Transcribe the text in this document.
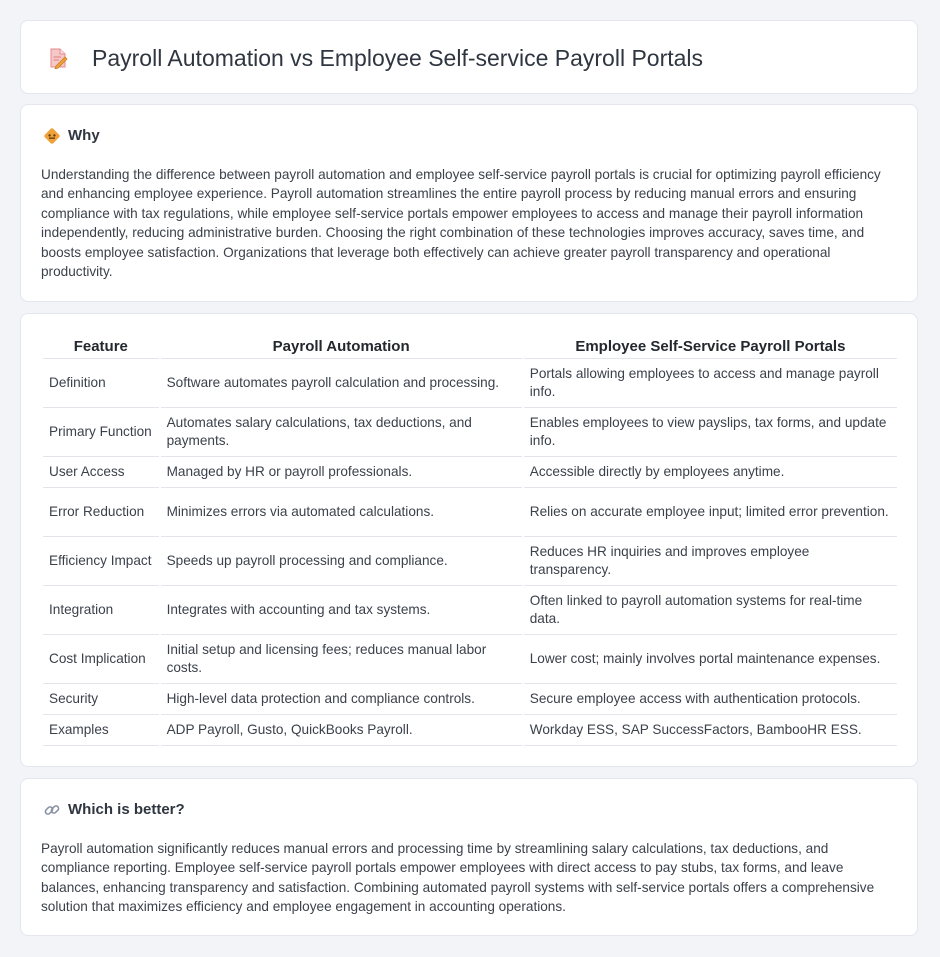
Payroll Automation vs Employee Self-service Payroll Portals
Why

Understanding the difference between payroll automation and employee self-service payroll portals is crucial for optimizing payroll efficiency and enhancing employee experience. Payroll automation streamlines the entire payroll process by reducing manual errors and ensuring compliance with tax regulations, while employee self-service portals empower employees to access and manage their payroll information independently, reducing administrative burden. Choosing the right combination of these technologies improves accuracy, saves time, and boosts employee satisfaction. Organizations that leverage both effectively can achieve greater payroll transparency and operational productivity.

Feature	Payroll Automation	Employee Self-Service Payroll Portals
Definition	Software automates payroll calculation and processing.	Portals allowing employees to access and manage payroll info.
Primary Function	Automates salary calculations, tax deductions, and payments.	Enables employees to view payslips, tax forms, and update info.
User Access	Managed by HR or payroll professionals.	Accessible directly by employees anytime.
Error Reduction	Minimizes errors via automated calculations.	Relies on accurate employee input; limited error prevention.
Efficiency Impact	Speeds up payroll processing and compliance.	Reduces HR inquiries and improves employee transparency.
Integration	Integrates with accounting and tax systems.	Often linked to payroll automation systems for real-time data.
Cost Implication	Initial setup and licensing fees; reduces manual labor costs.	Lower cost; mainly involves portal maintenance expenses.
Security	High-level data protection and compliance controls.	Secure employee access with authentication protocols.
Examples	ADP Payroll, Gusto, QuickBooks Payroll.	Workday ESS, SAP SuccessFactors, BambooHR ESS.
Which is better?

Payroll automation significantly reduces manual errors and processing time by streamlining salary calculations, tax deductions, and compliance reporting. Employee self-service payroll portals empower employees with direct access to pay stubs, tax forms, and leave balances, enhancing transparency and satisfaction. Combining automated payroll systems with self-service portals offers a comprehensive solution that maximizes efficiency and employee engagement in accounting operations.
